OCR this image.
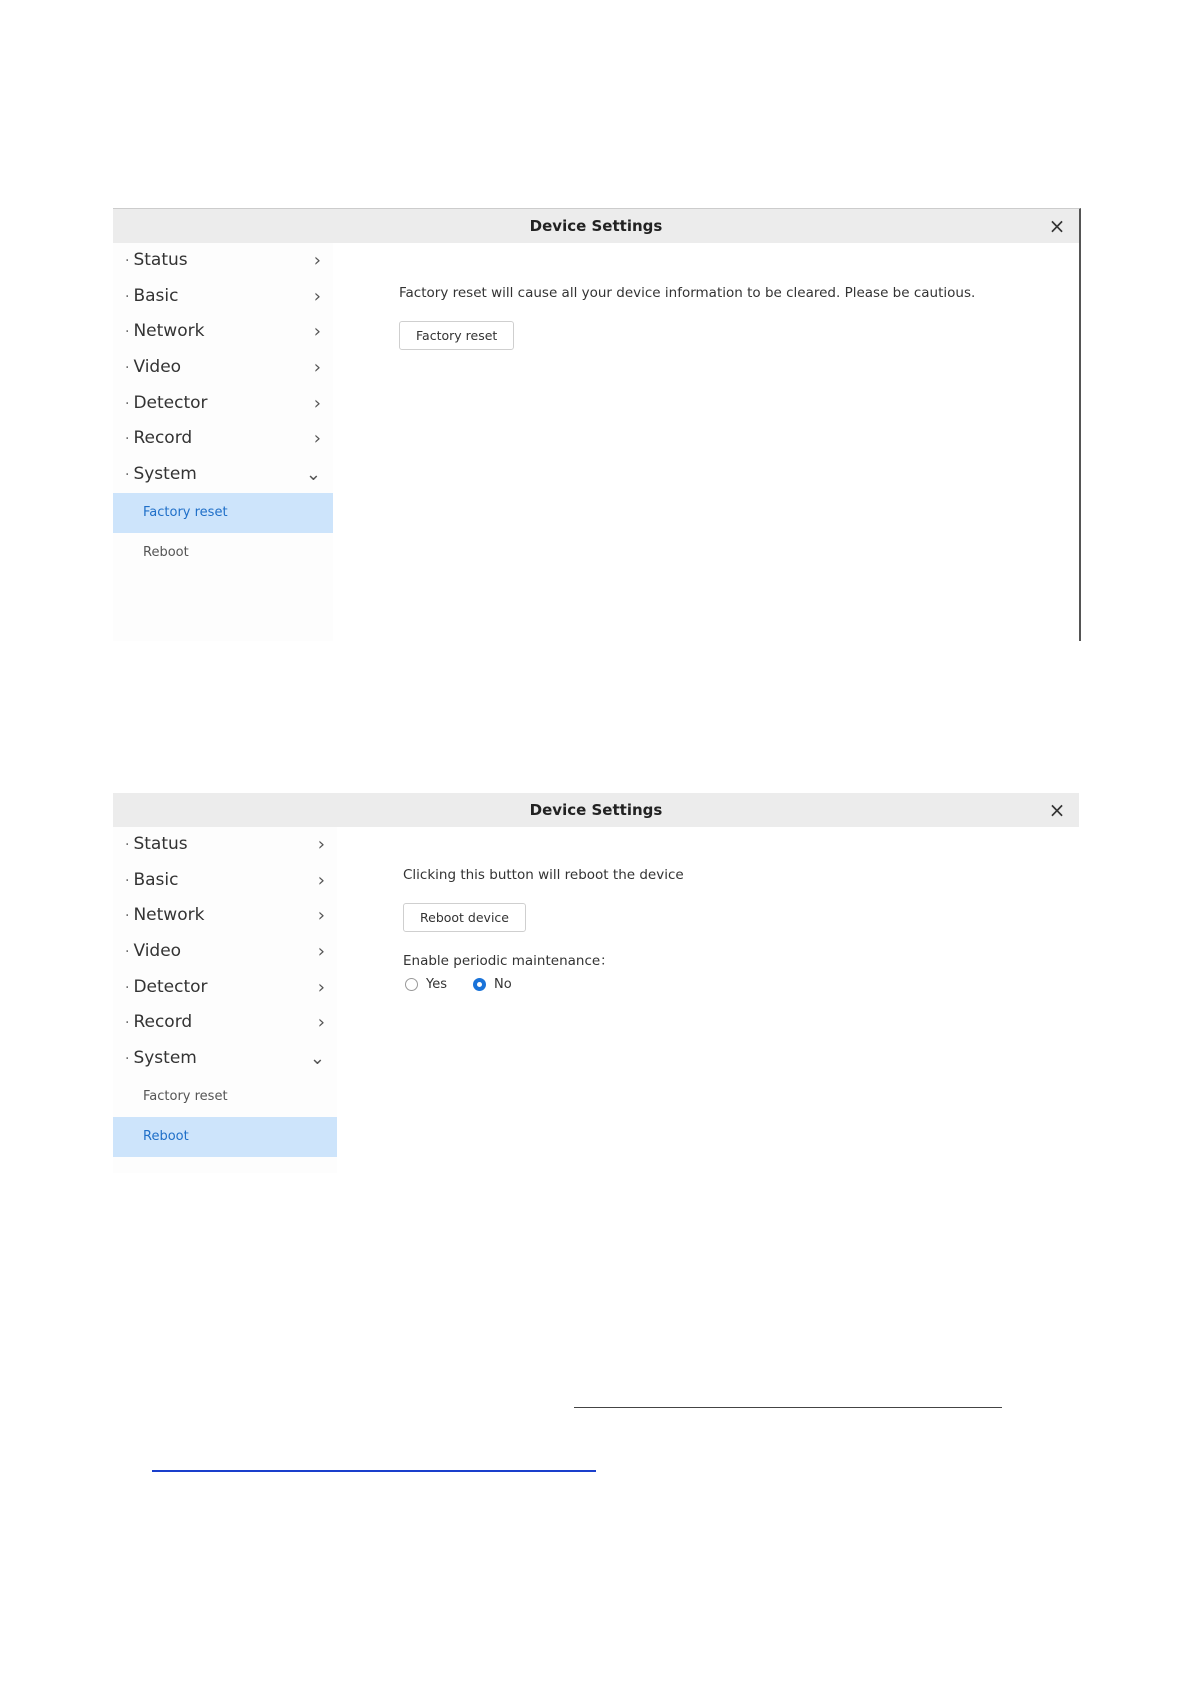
Device Settings	×
· Status	›
· Basic	›
· Network	›
· Video	›
· Detector	›
· Record	›
· System	⌄
Factory reset
Reboot
Factory reset will cause all your device information to be cleared. Please be cautious.
Factory reset
Device Settings	×
· Status	›
· Basic	›
· Network	›
· Video	›
· Detector	›
· Record	›
· System	⌄
Factory reset
Reboot
Clicking this button will reboot the device
Reboot device
Enable periodic maintenance：
Yes	No
